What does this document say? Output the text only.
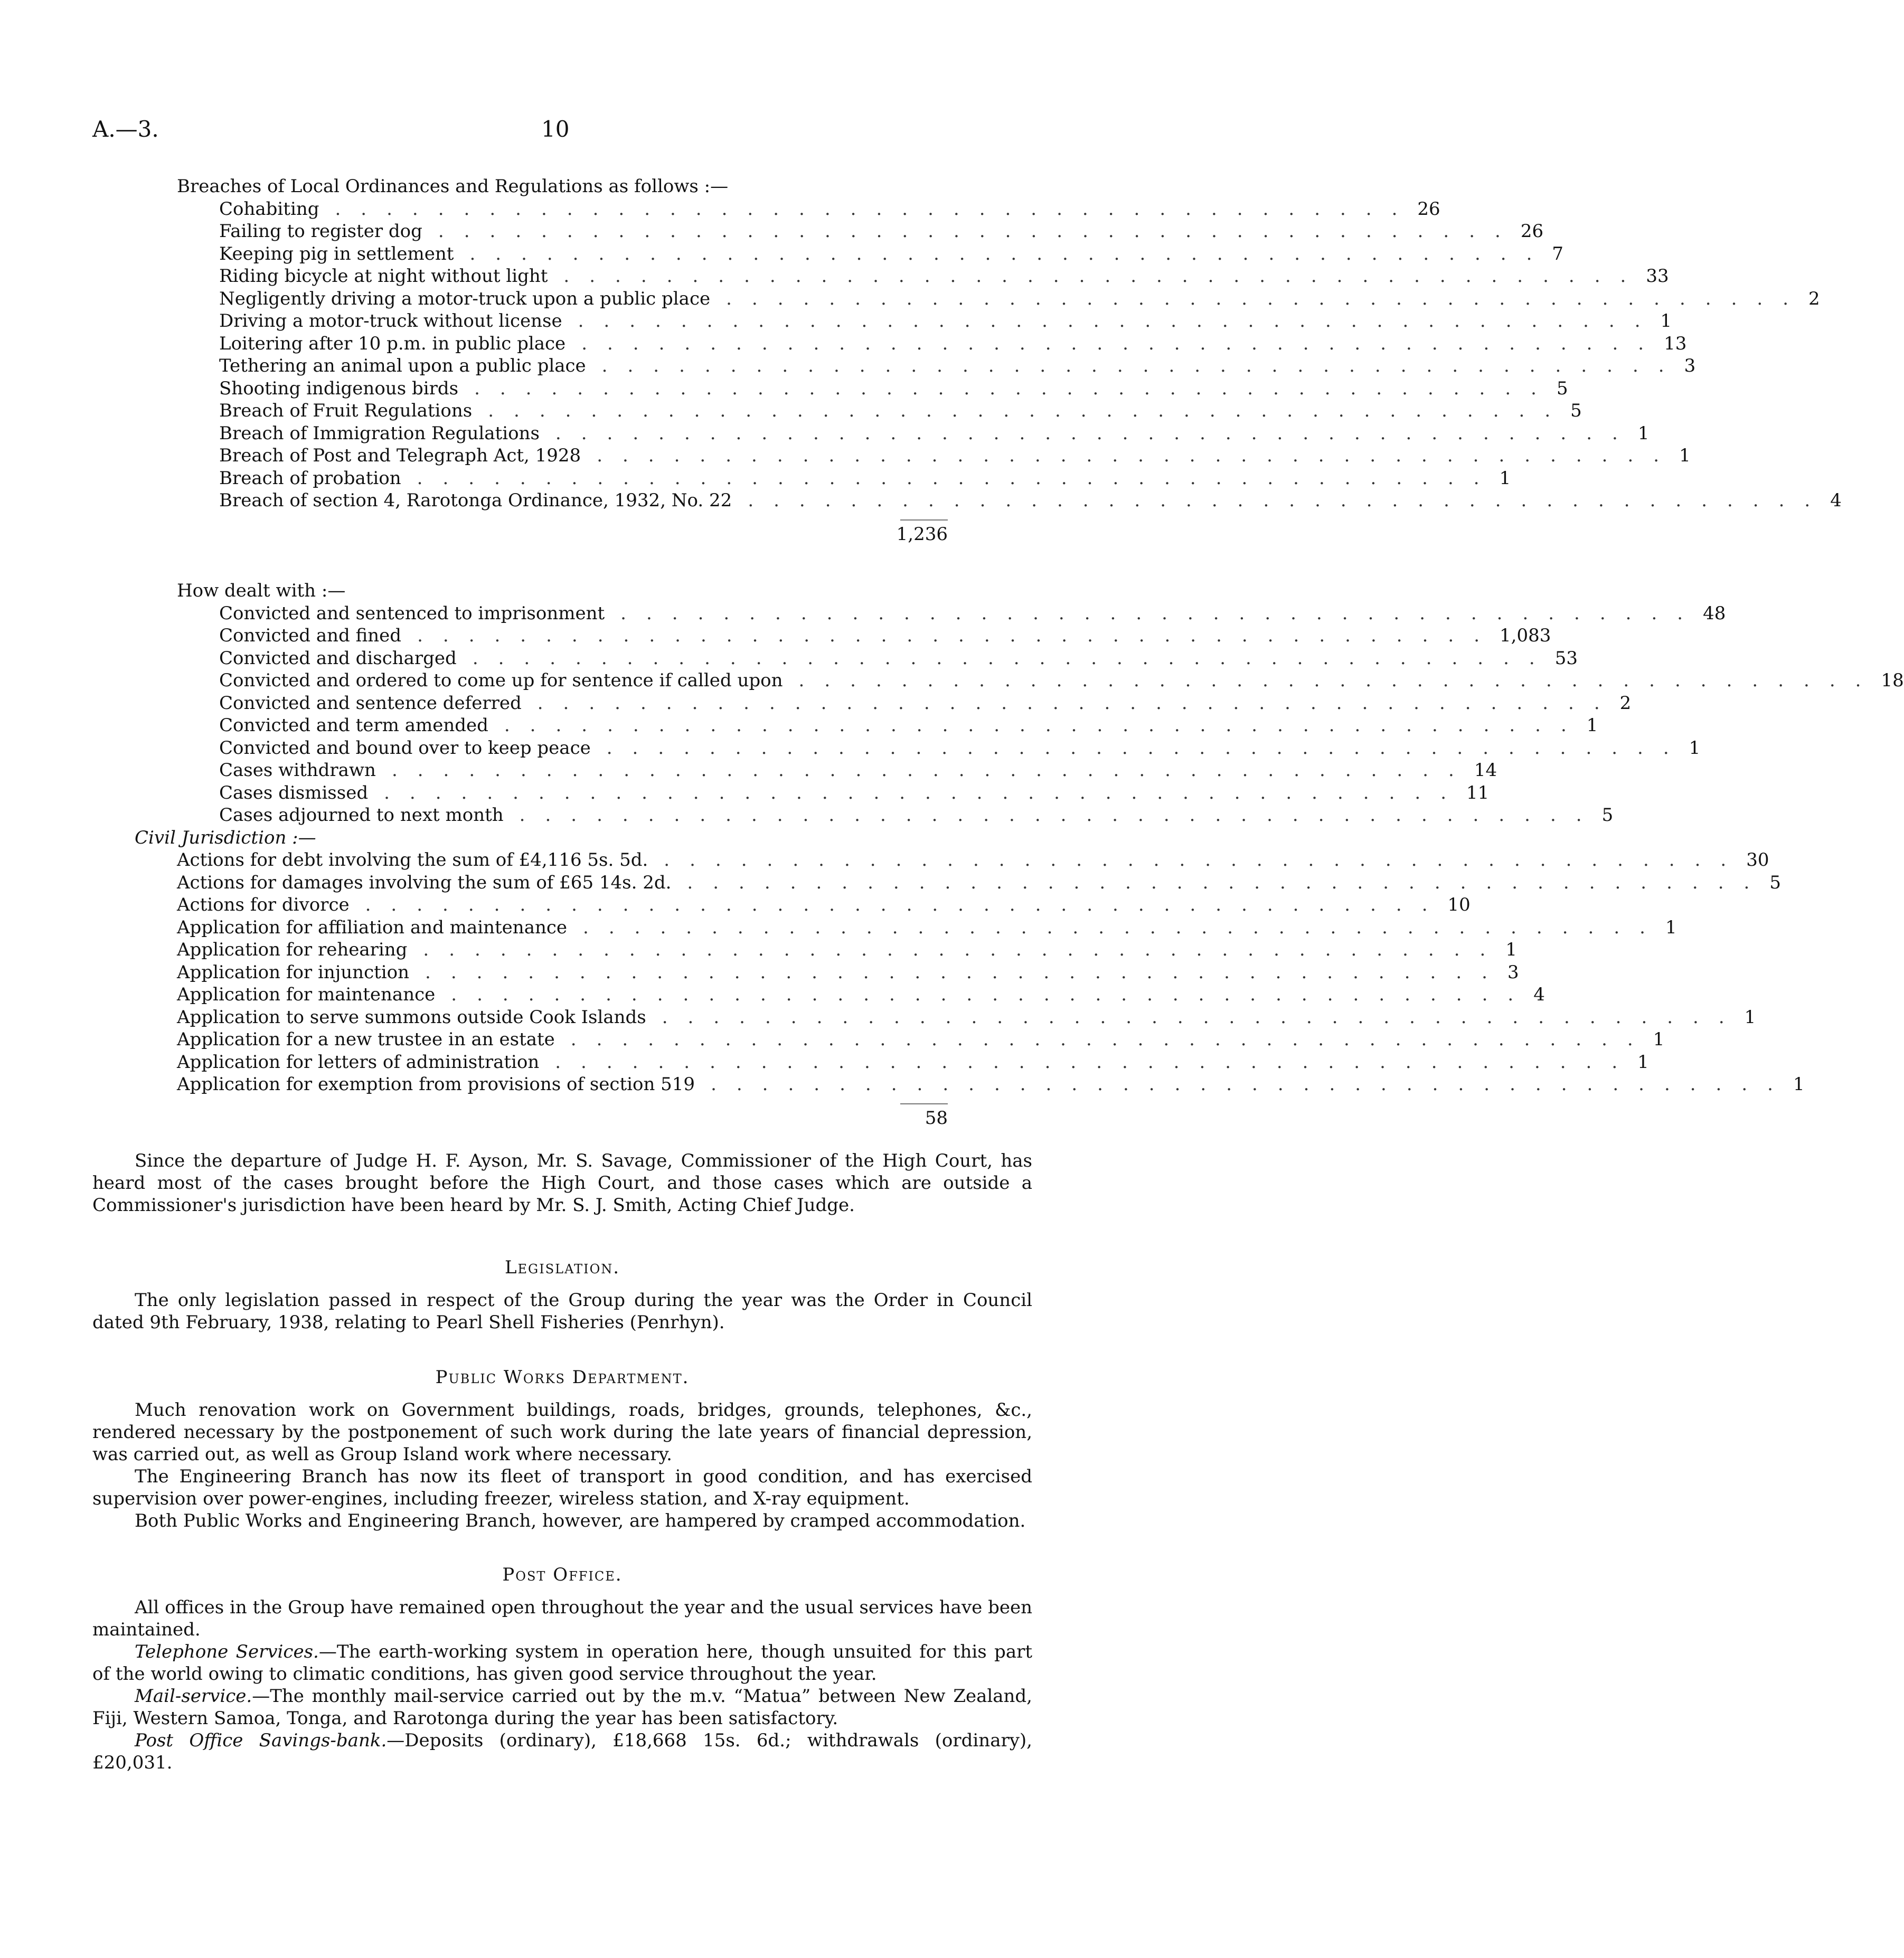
A.—3.	10
Breaches of Local Ordinances and Regulations as follows :—
Cohabiting .......................................... 26
Failing to register dog .......................................... 26
Keeping pig in settlement .......................................... 7
Riding bicycle at night without light .......................................... 33
Negligently driving a motor-truck upon a public place .......................................... 2
Driving a motor-truck without license .......................................... 1
Loitering after 10 p.m. in public place .......................................... 13
Tethering an animal upon a public place .......................................... 3
Shooting indigenous birds .......................................... 5
Breach of Fruit Regulations .......................................... 5
Breach of Immigration Regulations .......................................... 1
Breach of Post and Telegraph Act, 1928 .......................................... 1
Breach of probation .......................................... 1
Breach of section 4, Rarotonga Ordinance, 1932, No. 22 .......................................... 4
1,236
How dealt with :—
Convicted and sentenced to imprisonment .......................................... 48
Convicted and fined .......................................... 1,083
Convicted and discharged .......................................... 53
Convicted and ordered to come up for sentence if called upon .......................................... 18
Convicted and sentence deferred .......................................... 2
Convicted and term amended .......................................... 1
Convicted and bound over to keep peace .......................................... 1
Cases withdrawn .......................................... 14
Cases dismissed .......................................... 11
Cases adjourned to next month .......................................... 5
Civil Jurisdiction :—
Actions for debt involving the sum of £4,116 5s. 5d. .......................................... 30
Actions for damages involving the sum of £65 14s. 2d. .......................................... 5
Actions for divorce .......................................... 10
Application for affiliation and maintenance .......................................... 1
Application for rehearing .......................................... 1
Application for injunction .......................................... 3
Application for maintenance .......................................... 4
Application to serve summons outside Cook Islands .......................................... 1
Application for a new trustee in an estate .......................................... 1
Application for letters of administration .......................................... 1
Application for exemption from provisions of section 519 .......................................... 1
58

Since the departure of Judge H. F. Ayson, Mr. S. Savage, Commissioner of the High Court, has heard most of the cases brought before the High Court, and those cases which are outside a Commissioner's jurisdiction have been heard by Mr. S. J. Smith, Acting Chief Judge.

Legislation.

The only legislation passed in respect of the Group during the year was the Order in Council dated 9th February, 1938, relating to Pearl Shell Fisheries (Penrhyn).

Public Works Department.

Much renovation work on Government buildings, roads, bridges, grounds, telephones, &c., rendered necessary by the postponement of such work during the late years of financial depression, was carried out, as well as Group Island work where necessary.

The Engineering Branch has now its fleet of transport in good condition, and has exercised supervision over power-engines, including freezer, wireless station, and X-ray equipment.

Both Public Works and Engineering Branch, however, are hampered by cramped accommodation.

Post Office.

All offices in the Group have remained open throughout the year and the usual services have been maintained.

Telephone Services.—The earth-working system in operation here, though unsuited for this part of the world owing to climatic conditions, has given good service throughout the year.

Mail-service.—The monthly mail-service carried out by the m.v. “Matua” between New Zealand, Fiji, Western Samoa, Tonga, and Rarotonga during the year has been satisfactory.

Post Office Savings-bank.—Deposits (ordinary), £18,668 15s. 6d.; withdrawals (ordinary), £20,031.
